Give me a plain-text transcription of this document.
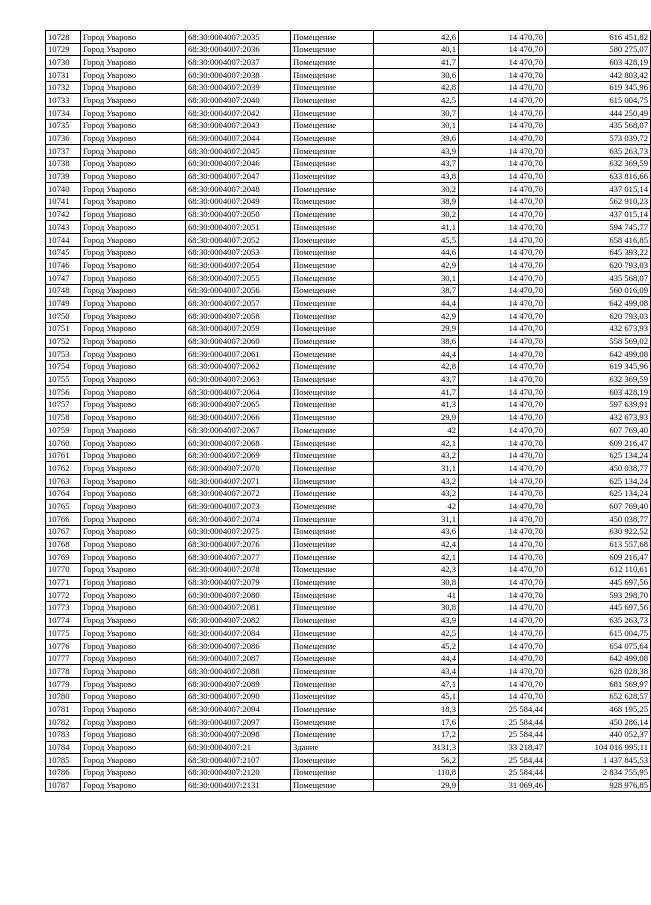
10728	Город Уварово	68:30:0004007:2035	Помещение	42,6	14 470,70	616 451,82
10729	Город Уварово	68:30:0004007:2036	Помещение	40,1	14 470,70	580 275,07
10730	Город Уварово	68:30:0004007:2037	Помещение	41,7	14 470,70	603 428,19
10731	Город Уварово	68:30:0004007:2038	Помещение	30,6	14 470,70	442 803,42
10732	Город Уварово	68:30:0004007:2039	Помещение	42,8	14 470,70	619 345,96
10733	Город Уварово	68:30:0004007:2040	Помещение	42,5	14 470,70	615 004,75
10734	Город Уварово	68:30:0004007:2042	Помещение	30,7	14 470,70	444 250,49
10735	Город Уварово	68:30:0004007:2043	Помещение	30,1	14 470,70	435 568,07
10736	Город Уварово	68:30:0004007:2044	Помещение	39,6	14 470,70	573 039,72
10737	Город Уварово	68:30:0004007:2045	Помещение	43,9	14 470,70	635 263,73
10738	Город Уварово	68:30:0004007:2046	Помещение	43,7	14 470,70	632 369,59
10739	Город Уварово	68:30:0004007:2047	Помещение	43,8	14 470,70	633 816,66
10740	Город Уварово	68:30:0004007:2048	Помещение	30,2	14 470,70	437 015,14
10741	Город Уварово	68:30:0004007:2049	Помещение	38,9	14 470,70	562 910,23
10742	Город Уварово	68:30:0004007:2050	Помещение	30,2	14 470,70	437 015,14
10743	Город Уварово	68:30:0004007:2051	Помещение	41,1	14 470,70	594 745,77
10744	Город Уварово	68:30:0004007:2052	Помещение	45,5	14 470,70	658 416,85
10745	Город Уварово	68:30:0004007:2053	Помещение	44,6	14 470,70	645 393,22
10746	Город Уварово	68:30:0004007:2054	Помещение	42,9	14 470,70	620 793,03
10747	Город Уварово	68:30:0004007:2055	Помещение	30,1	14 470,70	435 568,07
10748	Город Уварово	68:30:0004007:2056	Помещение	38,7	14 470,70	560 016,09
10749	Город Уварово	68:30:0004007:2057	Помещение	44,4	14 470,70	642 499,08
10750	Город Уварово	68:30:0004007:2058	Помещение	42,9	14 470,70	620 793,03
10751	Город Уварово	68:30:0004007:2059	Помещение	29,9	14 470,70	432 673,93
10752	Город Уварово	68:30:0004007:2060	Помещение	38,6	14 470,70	558 569,02
10753	Город Уварово	68:30:0004007:2061	Помещение	44,4	14 470,70	642 499,08
10754	Город Уварово	68:30:0004007:2062	Помещение	42,8	14 470,70	619 345,96
10755	Город Уварово	68:30:0004007:2063	Помещение	43,7	14 470,70	632 369,59
10756	Город Уварово	68:30:0004007:2064	Помещение	41,7	14 470,70	603 428,19
10757	Город Уварово	68:30:0004007:2065	Помещение	41,3	14 470,70	597 639,91
10758	Город Уварово	68:30:0004007:2066	Помещение	29,9	14 470,70	432 673,93
10759	Город Уварово	68:30:0004007:2067	Помещение	42	14 470,70	607 769,40
10760	Город Уварово	68:30:0004007:2068	Помещение	42,1	14 470,70	609 216,47
10761	Город Уварово	68:30:0004007:2069	Помещение	43,2	14 470,70	625 134,24
10762	Город Уварово	68:30:0004007:2070	Помещение	31,1	14 470,70	450 038,77
10763	Город Уварово	68:30:0004007:2071	Помещение	43,2	14 470,70	625 134,24
10764	Город Уварово	68:30:0004007:2072	Помещение	43,2	14 470,70	625 134,24
10765	Город Уварово	68:30:0004007:2073	Помещение	42	14 470,70	607 769,40
10766	Город Уварово	68:30:0004007:2074	Помещение	31,1	14 470,70	450 038,77
10767	Город Уварово	68:30:0004007:2075	Помещение	43,6	14 470,70	630 922,52
10768	Город Уварово	68:30:0004007:2076	Помещение	42,4	14 470,70	613 557,68
10769	Город Уварово	68:30:0004007:2077	Помещение	42,1	14 470,70	609 216,47
10770	Город Уварово	68:30:0004007:2078	Помещение	42,3	14 470,70	612 110,61
10771	Город Уварово	68:30:0004007:2079	Помещение	30,8	14 470,70	445 697,56
10772	Город Уварово	68:30:0004007:2080	Помещение	41	14 470,70	593 298,70
10773	Город Уварово	68:30:0004007:2081	Помещение	30,8	14 470,70	445 697,56
10774	Город Уварово	68:30:0004007:2082	Помещение	43,9	14 470,70	635 263,73
10775	Город Уварово	68:30:0004007:2084	Помещение	42,5	14 470,70	615 004,75
10776	Город Уварово	68:30:0004007:2086	Помещение	45,2	14 470,70	654 075,64
10777	Город Уварово	68:30:0004007:2087	Помещение	44,4	14 470,70	642 499,08
10778	Город Уварово	68:30:0004007:2088	Помещение	43,4	14 470,70	628 028,38
10779	Город Уварово	68:30:0004007:2089	Помещение	47,1	14 470,70	681 569,97
10780	Город Уварово	68:30:0004007:2090	Помещение	45,1	14 470,70	652 628,57
10781	Город Уварово	68:30:0004007:2094	Помещение	18,3	25 584,44	468 195,25
10782	Город Уварово	68:30:0004007:2097	Помещение	17,6	25 584,44	450 286,14
10783	Город Уварово	68:30:0004007:2098	Помещение	17,2	25 584,44	440 052,37
10784	Город Уварово	68:30:0004007:21	Здание	3131,3	33 218,47	104 016 995,11
10785	Город Уварово	68:30:0004007:2107	Помещение	56,2	25 584,44	1 437 845,53
10786	Город Уварово	68:30:0004007:2120	Помещение	110,8	25 584,44	2 834 755,95
10787	Город Уварово	68:30:0004007:2131	Помещение	29,9	31 069,46	928 976,85
